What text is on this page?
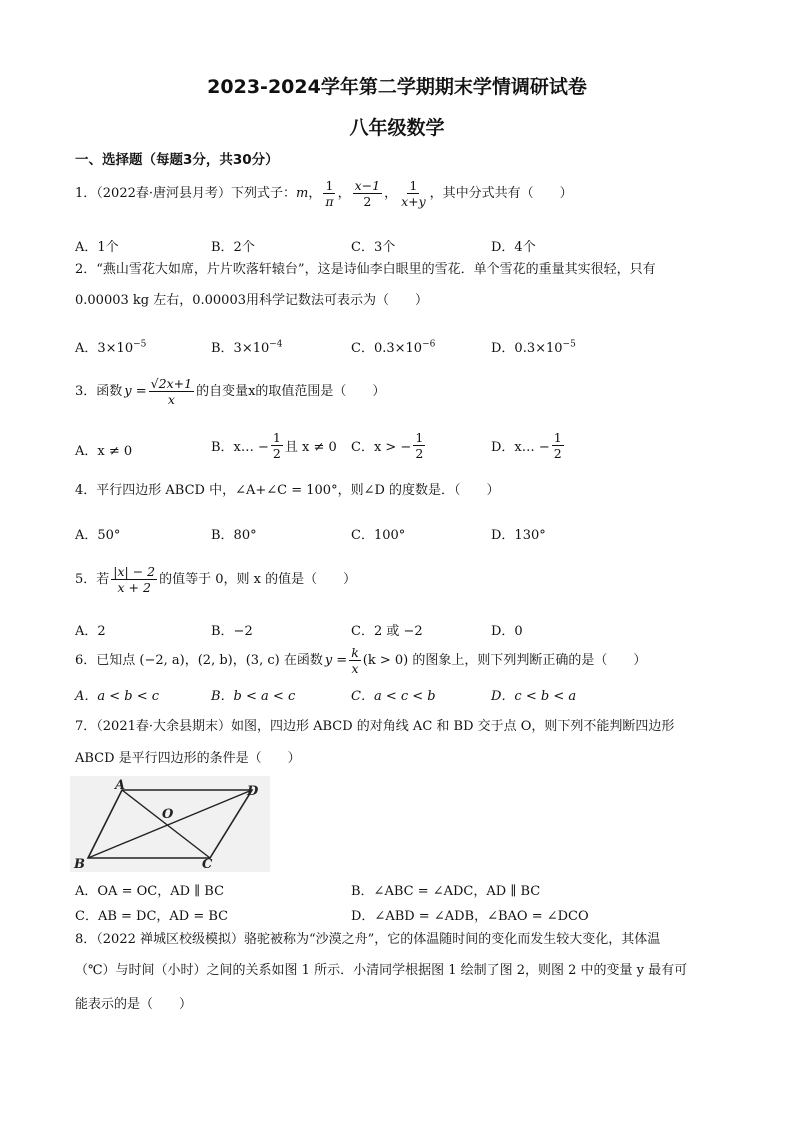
2023-2024学年第二学期期末学情调研试卷
八年级数学
一、选择题（每题3分，共30分）
1．（2022春·唐河县月考）下列式子： m ， $\frac{1}{\pi}$ ， $\frac{x-1}{2}$ ， $\frac{1}{x+y}$ ，其中分式共有（　　）
A．1个	B．2个	C．3个	D．4个
2．“燕山雪花大如席，片片吹落轩辕台”，这是诗仙李白眼里的雪花．单个雪花的重量其实很轻，只有
0.00003 kg 左右，0.00003用科学记数法可表示为（　　）
A．$3\times 10^{-5}$	B．$3\times 10^{-4}$	C．$0.3\times 10^{-6}$	D．$0.3\times 10^{-5}$
3．函数 $y = \frac{√2x+1}{x}$ 的自变量x的取值范围是（　　）
A．x ≠ 0	B．x… − $\frac{1}{2}$ 且 x ≠ 0 C．x > − $\frac{1}{2}$	D．x… − $\frac{1}{2}$
4．平行四边形 ABCD 中，∠A+∠C = 100°，则∠D 的度数是．（　　）
A．50°	B．80°	C．100°	D．130°
5．若 $\frac{|x| - 2}{x + 2}$ 的值等于 0，则 x 的值是（　　）
A．2	B．−2	C．2 或 −2	D．0
6．已知点 (−2, a)，(2, b)，(3, c) 在函数 $y = \frac{k}{x} (k > 0)$ 的图象上，则下列判断正确的是（　　）
A．a < b < c	B．b < a < c	C．a < c < b	D．c < b < a
7．（2021春·大余县期末）如图，四边形 ABCD 的对角线 AC 和 BD 交于点 O，则下列不能判断四边形
ABCD 是平行四边形的条件是（　　）
A	D
B	C
O
A．OA = OC，AD ∥ BC	B．∠ABC = ∠ADC，AD ∥ BC
C．AB = DC，AD = BC	D．∠ABD = ∠ADB，∠BAO = ∠DCO
8．（2022 禅城区校级模拟）骆驼被称为“沙漠之舟”，它的体温随时间的变化而发生较大变化，其体温
（℃）与时间（小时）之间的关系如图 1 所示．小清同学根据图 1 绘制了图 2，则图 2 中的变量 y 最有可
能表示的是（　　）
